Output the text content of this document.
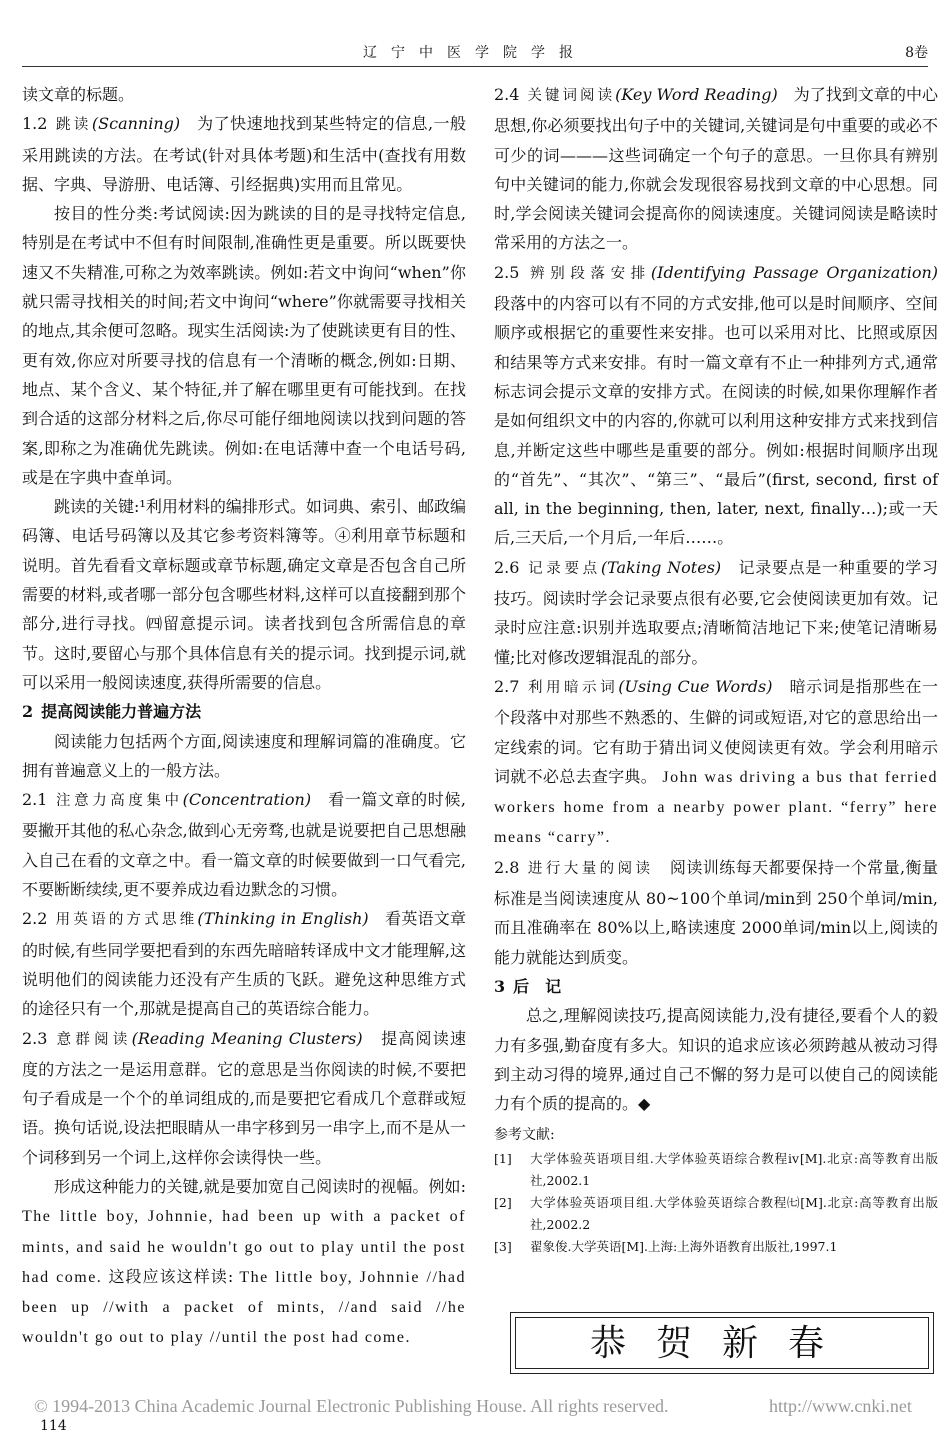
辽宁中医学院学报	8卷

读文章的标题。

1.2 跳读(Scanning)　 为了快速地找到某些特定的信息,一般采用跳读的方法。在考试(针对具体考题)和生活中(查找有用数据、字典、导游册、电话簿、引经据典)实用而且常见。

按目的性分类:考试阅读:因为跳读的目的是寻找特定信息,特别是在考试中不但有时间限制,准确性更是重要。所以既要快速又不失精准,可称之为效率跳读。例如:若文中询问“when”你就只需寻找相关的时间;若文中询问“where”你就需要寻找相关的地点,其余便可忽略。现实生活阅读:为了使跳读更有目的性、更有效,你应对所要寻找的信息有一个清晰的概念,例如:日期、地点、某个含义、某个特征,并了解在哪里更有可能找到。在找到合适的这部分材料之后,你尽可能仔细地阅读以找到问题的答案,即称之为准确优先跳读。例如:在电话薄中查一个电话号码,或是在字典中查单词。

跳读的关键:¹利用材料的编排形式。如词典、索引、邮政编码簿、电话号码簿以及其它参考资料簿等。④利用章节标题和说明。首先看看文章标题或章节标题,确定文章是否包含自己所需要的材料,或者哪一部分包含哪些材料,这样可以直接翻到那个部分,进行寻找。㈣留意提示词。读者找到包含所需信息的章节。这时,要留心与那个具体信息有关的提示词。找到提示词,就可以采用一般阅读速度,获得所需要的信息。

2 提高阅读能力普遍方法

阅读能力包括两个方面,阅读速度和理解词篇的准确度。它拥有普遍意义上的一般方法。

2.1 注意力高度集中(Concentration)　 看一篇文章的时候,要撇开其他的私心杂念,做到心无旁骛,也就是说要把自己思想融入自己在看的文章之中。看一篇文章的时候要做到一口气看完,不要断断续续,更不要养成边看边默念的习惯。

2.2 用英语的方式思维(Thinking in English)　 看英语文章的时候,有些同学要把看到的东西先暗暗转译成中文才能理解,这说明他们的阅读能力还没有产生质的飞跃。避免这种思维方式的途径只有一个,那就是提高自己的英语综合能力。

2.3 意群阅读(Reading Meaning Clusters)　 提高阅读速度的方法之一是运用意群。它的意思是当你阅读的时候,不要把句子看成是一个个的单词组成的,而是要把它看成几个意群或短语。换句话说,设法把眼睛从一串字移到另一串字上,而不是从一个词移到另一个词上,这样你会读得快一些。

形成这种能力的关键,就是要加宽自己阅读时的视幅。例如: The little boy, Johnnie, had been up with a packet of mints, and said he wouldn't go out to play until the post had come. 这段应该这样读: The little boy, Johnnie //had been up //with a packet of mints, //and said //he wouldn't go out to play //until the post had come.

2.4 关键词阅读(Key Word Reading)　 为了找到文章的中心思想,你必须要找出句子中的关键词,关键词是句中重要的或必不可少的词———这些词确定一个句子的意思。一旦你具有辨别句中关键词的能力,你就会发现很容易找到文章的中心思想。同时,学会阅读关键词会提高你的阅读速度。关键词阅读是略读时常采用的方法之一。

2.5 辨别段落安排(Identifying Passage Organization)　段落中的内容可以有不同的方式安排,他可以是时间顺序、空间顺序或根据它的重要性来安排。也可以采用对比、比照或原因和结果等方式来安排。有时一篇文章有不止一种排列方式,通常标志词会提示文章的安排方式。在阅读的时候,如果你理解作者是如何组织文中的内容的,你就可以利用这种安排方式来找到信息,并断定这些中哪些是重要的部分。例如:根据时间顺序出现的“首先”、“其次”、“第三”、“最后”(first, second, first of all, in the beginning, then, later, next, finally…);或一天后,三天后,一个月后,一年后……。

2.6 记录要点(Taking Notes)　 记录要点是一种重要的学习技巧。阅读时学会记录要点很有必要,它会使阅读更加有效。记录时应注意:识别并选取要点;清晰简洁地记下来;使笔记清晰易懂;比对修改逻辑混乱的部分。

2.7 利用暗示词(Using Cue Words)　 暗示词是指那些在一个段落中对那些不熟悉的、生僻的词或短语,对它的意思给出一定线索的词。它有助于猜出词义使阅读更有效。学会利用暗示词就不必总去查字典。 John was driving a bus that ferried workers home from a nearby power plant. “ferry” here means “carry”.

2.8 进行大量的阅读　 阅读训练每天都要保持一个常量,衡量标准是当阅读速度从 80~100个单词/min到 250个单词/min,而且准确率在 80%以上,略读速度 2000单词/min以上,阅读的能力就能达到质变。

3 后　记

总之,理解阅读技巧,提高阅读能力,没有捷径,要看个人的毅力有多强,勤奋度有多大。知识的追求应该必须跨越从被动习得到主动习得的境界,通过自己不懈的努力是可以使自己的阅读能力有个质的提高的。◆

参考文献:
[1]	大学体验英语项目组.大学体验英语综合教程ⅳ[M].北京:高等教育出版社,2002.1
[2]	大学体验英语项目组.大学体验英语综合教程㈦[M].北京:高等教育出版社,2002.2
[3]	翟象俊.大学英语[M].上海:上海外语教育出版社,1997.1
恭贺新春
© 1994-2013 China Academic Journal Electronic Publishing House. All rights reserved.	http://www.cnki.net
114
